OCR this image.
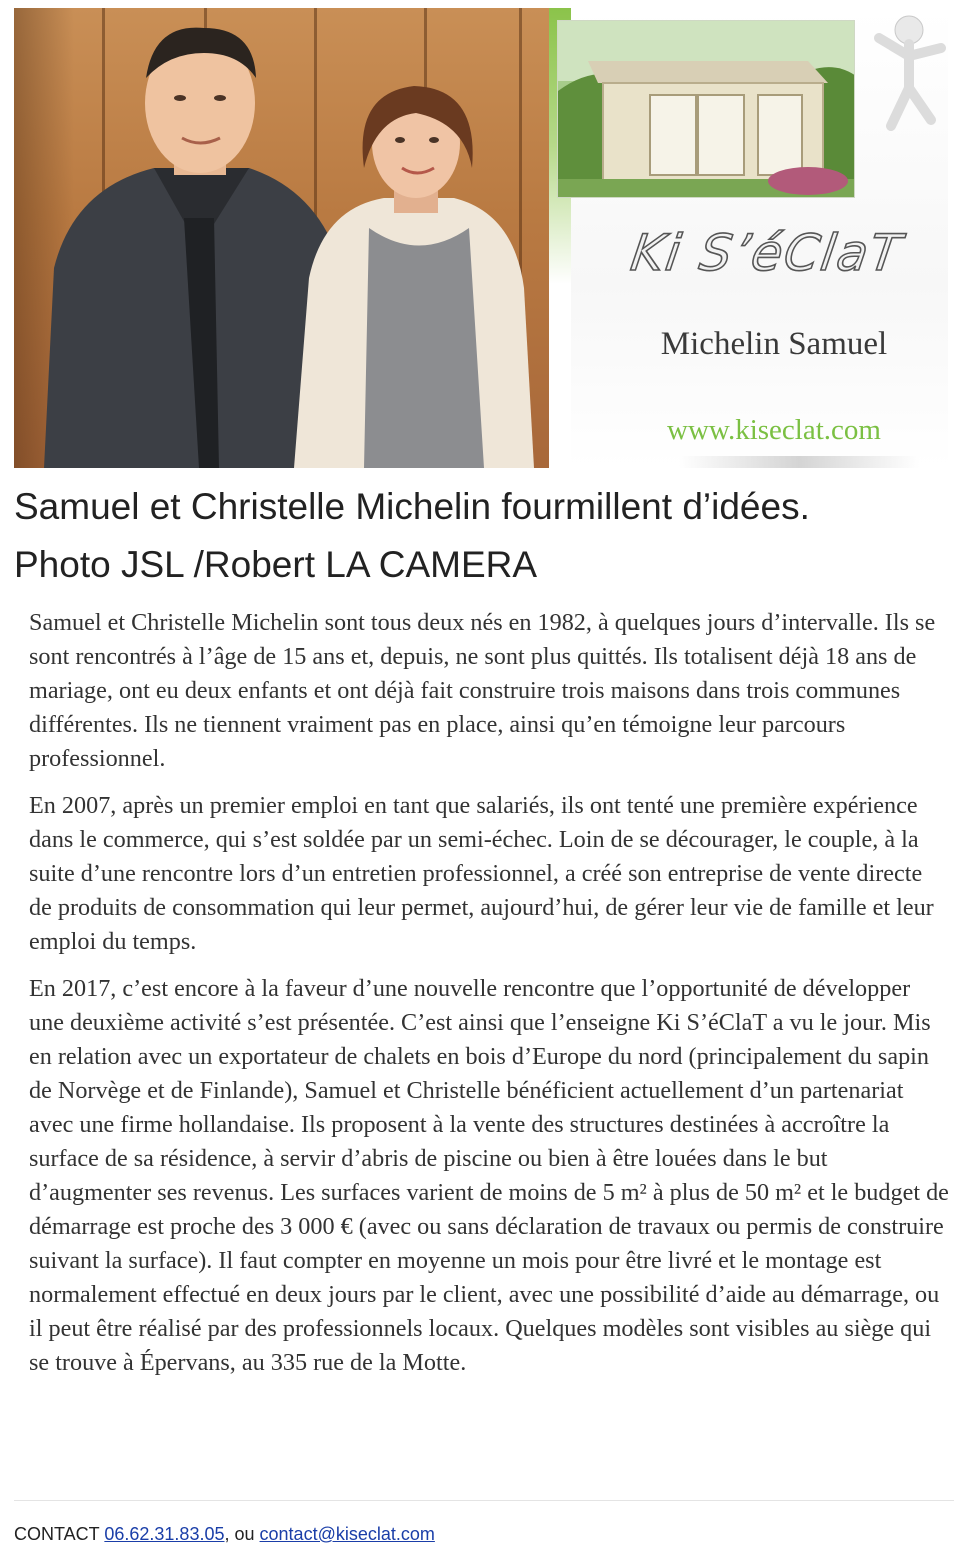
Ki S’éClaT
Michelin Samuel
www.kiseclat.com
Samuel et Christelle Michelin fourmillent d’idées.
Photo JSL /Robert LA CAMERA

Samuel et Christelle Michelin sont tous deux nés en 1982, à quelques jours d’intervalle. Ils se sont rencontrés à l’âge de 15 ans et, depuis, ne sont plus quittés. Ils totalisent déjà 18 ans de mariage, ont eu deux enfants et ont déjà fait construire trois maisons dans trois communes différentes. Ils ne tiennent vraiment pas en place, ainsi qu’en témoigne leur parcours professionnel.

En 2007, après un premier emploi en tant que salariés, ils ont tenté une première expérience dans le commerce, qui s’est soldée par un semi-échec. Loin de se décourager, le couple, à la suite d’une rencontre lors d’un entretien professionnel, a créé son entreprise de vente directe de produits de consommation qui leur permet, aujourd’hui, de gérer leur vie de famille et leur emploi du temps.

En 2017, c’est encore à la faveur d’une nouvelle rencontre que l’opportunité de développer une deuxième activité s’est présentée. C’est ainsi que l’enseigne Ki S’éClaT a vu le jour. Mis en relation avec un exportateur de chalets en bois d’Europe du nord (principalement du sapin de Norvège et de Finlande), Samuel et Christelle bénéficient actuellement d’un partenariat avec une firme hollandaise. Ils proposent à la vente des structures destinées à accroître la surface de sa résidence, à servir d’abris de piscine ou bien à être louées dans le but d’augmenter ses revenus. Les surfaces varient de moins de 5 m² à plus de 50 m² et le budget de démarrage est proche des 3 000 € (avec ou sans déclaration de travaux ou permis de construire suivant la surface). Il faut compter en moyenne un mois pour être livré et le montage est normalement effectué en deux jours par le client, avec une possibilité d’aide au démarrage, ou il peut être réalisé par des professionnels locaux. Quelques modèles sont visibles au siège qui se trouve à Épervans, au 335 rue de la Motte.

CONTACT 06.62.31.83.05, ou contact@kiseclat.com
